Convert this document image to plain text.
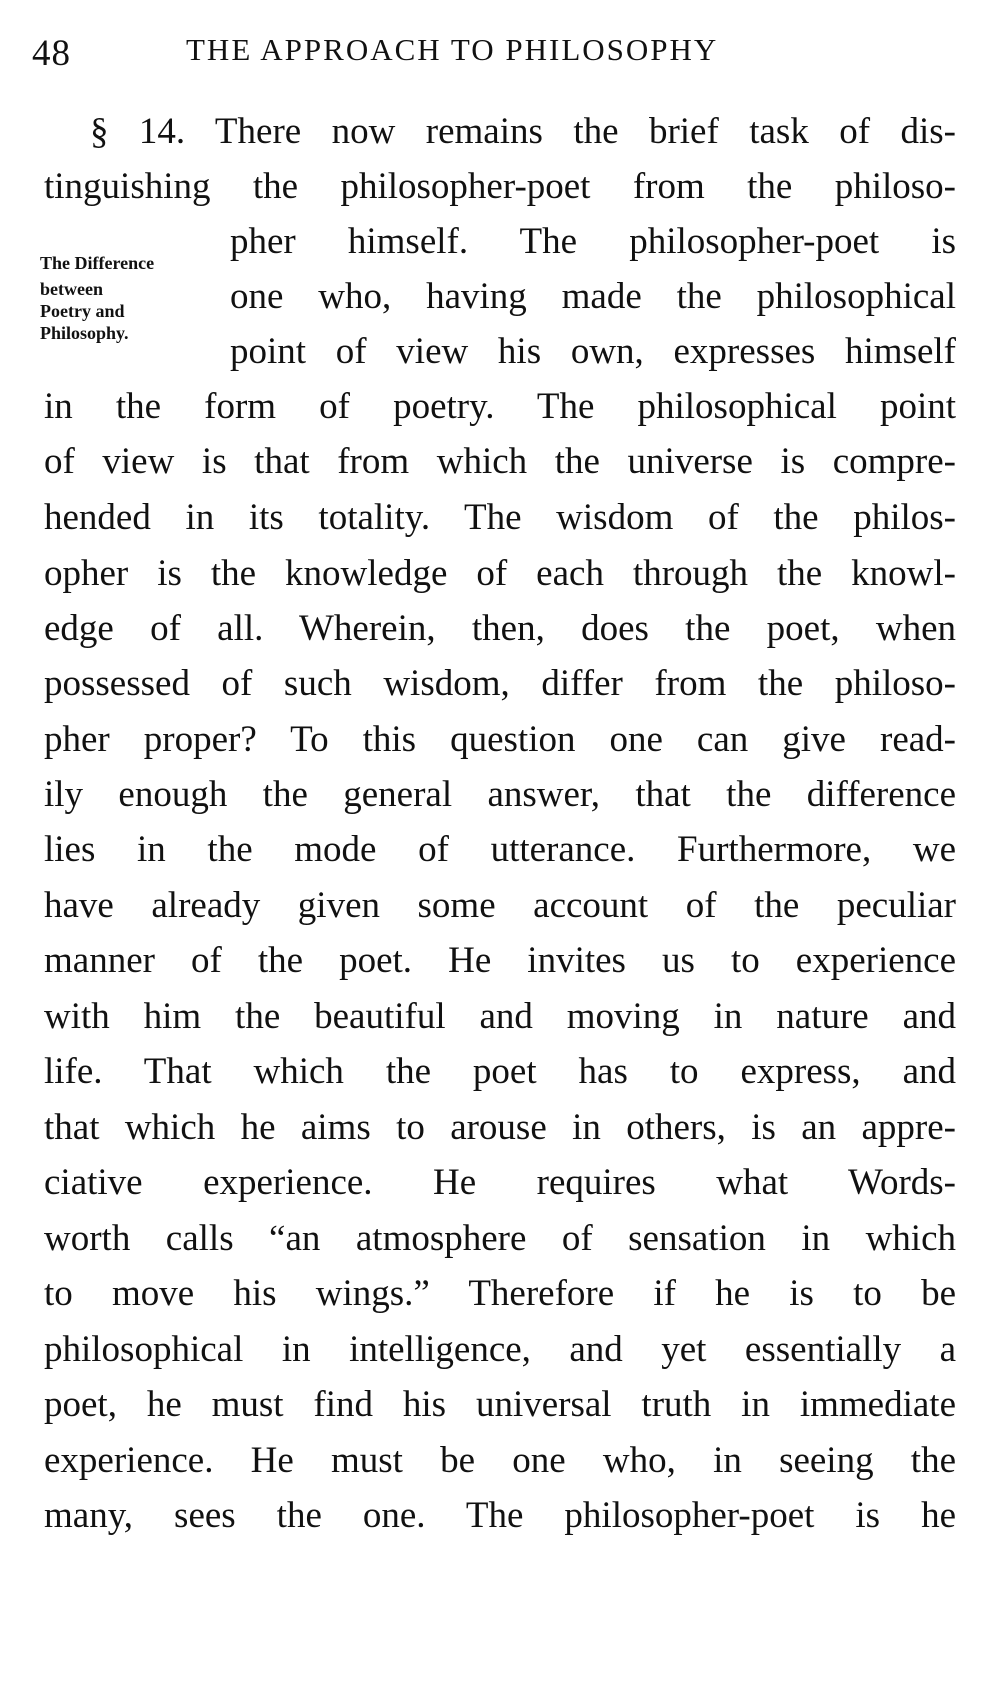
48	THE APPROACH TO PHILOSOPHY
The Difference
between
Poetry and
Philosophy.
§ 14. There now remains the brief task of dis-
tinguishing the philosopher-poet from the philoso-
pher himself. The philosopher-poet is
one who, having made the philosophical
point of view his own, expresses himself
in the form of poetry. The philosophical point
of view is that from which the universe is compre-
hended in its totality. The wisdom of the philos-
opher is the knowledge of each through the knowl-
edge of all. Wherein, then, does the poet, when
possessed of such wisdom, differ from the philoso-
pher proper? To this question one can give read-
ily enough the general answer, that the difference
lies in the mode of utterance. Furthermore, we
have already given some account of the peculiar
manner of the poet. He invites us to experience
with him the beautiful and moving in nature and
life. That which the poet has to express, and
that which he aims to arouse in others, is an appre-
ciative experience. He requires what Words-
worth calls “an atmosphere of sensation in which
to move his wings.” Therefore if he is to be
philosophical in intelligence, and yet essentially a
poet, he must find his universal truth in immediate
experience. He must be one who, in seeing the
many, sees the one. The philosopher-poet is he
